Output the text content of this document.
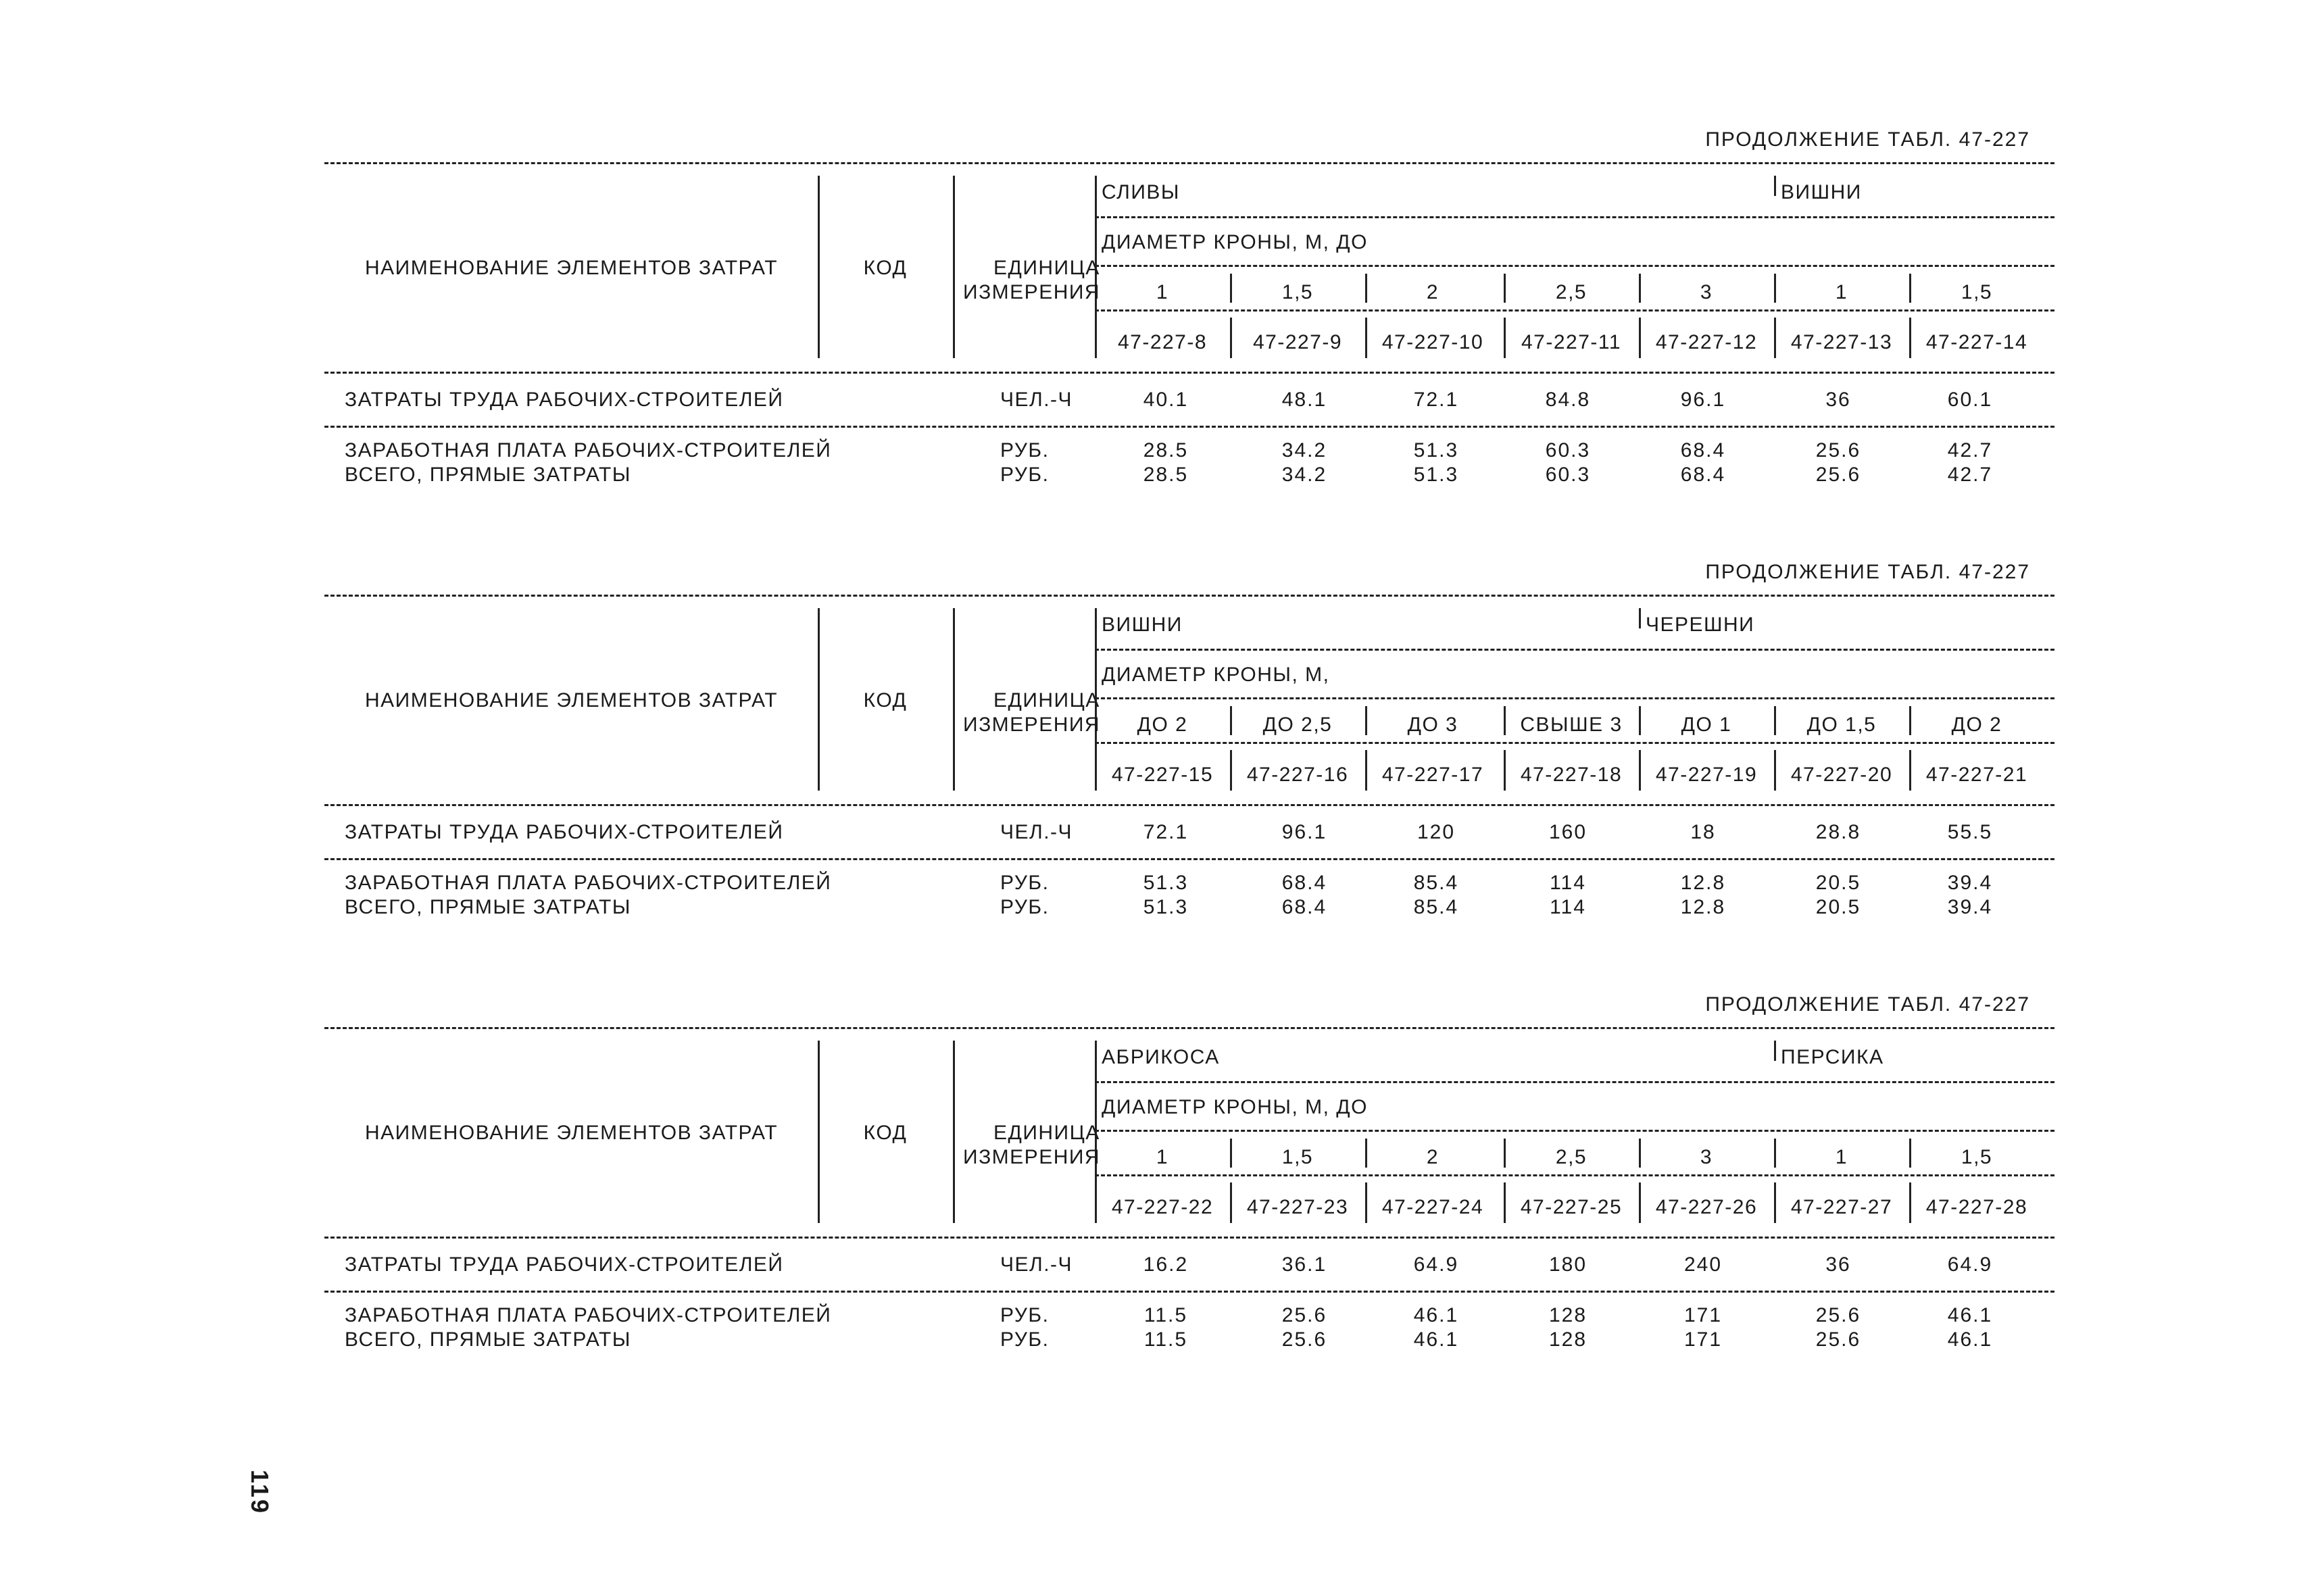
ПРОДОЛЖЕНИЕ ТАБЛ. 47-227
НАИМЕНОВАНИЕ ЭЛЕМЕНТОВ ЗАТРАТ	КОД	ЕДИНИЦА
ИЗМЕРЕНИЯ
СЛИВЫ	ВИШНИ
ДИАМЕТР КРОНЫ, М, ДО
1	1,5	2	2,5	3	1	1,5
47-227-8 47-227-9 47-227-10 47-227-11 47-227-12 47-227-13 47-227-14
ЗАТРАТЫ ТРУДА РАБОЧИХ-СТРОИТЕЛЕЙ	ЧЕЛ.-Ч	40.1	48.1	72.1	84.8	96.1	36	60.1
ЗАРАБОТНАЯ ПЛАТА РАБОЧИХ-СТРОИТЕЛЕЙ	РУБ.	28.5	34.2	51.3	60.3	68.4	25.6	42.7
ВСЕГО, ПРЯМЫЕ ЗАТРАТЫ	РУБ.	28.5	34.2	51.3	60.3	68.4	25.6	42.7
ПРОДОЛЖЕНИЕ ТАБЛ. 47-227
НАИМЕНОВАНИЕ ЭЛЕМЕНТОВ ЗАТРАТ	КОД	ЕДИНИЦА
ИЗМЕРЕНИЯ
ВИШНИ	ЧЕРЕШНИ
ДИАМЕТР КРОНЫ, М,
ДО 2	ДО 2,5	ДО 3	СВЫШЕ 3	ДО 1	ДО 1,5	ДО 2
47-227-15 47-227-16 47-227-17 47-227-18 47-227-19 47-227-20 47-227-21
ЗАТРАТЫ ТРУДА РАБОЧИХ-СТРОИТЕЛЕЙ	ЧЕЛ.-Ч	72.1	96.1	120	160	18	28.8	55.5
ЗАРАБОТНАЯ ПЛАТА РАБОЧИХ-СТРОИТЕЛЕЙ	РУБ.	51.3	68.4	85.4	114	12.8	20.5	39.4
ВСЕГО, ПРЯМЫЕ ЗАТРАТЫ	РУБ.	51.3	68.4	85.4	114	12.8	20.5	39.4
ПРОДОЛЖЕНИЕ ТАБЛ. 47-227
НАИМЕНОВАНИЕ ЭЛЕМЕНТОВ ЗАТРАТ	КОД	ЕДИНИЦА
ИЗМЕРЕНИЯ
АБРИКОСА	ПЕРСИКА
ДИАМЕТР КРОНЫ, М, ДО
1	1,5	2	2,5	3	1	1,5
47-227-22 47-227-23 47-227-24 47-227-25 47-227-26 47-227-27 47-227-28
ЗАТРАТЫ ТРУДА РАБОЧИХ-СТРОИТЕЛЕЙ	ЧЕЛ.-Ч	16.2	36.1	64.9	180	240	36	64.9
ЗАРАБОТНАЯ ПЛАТА РАБОЧИХ-СТРОИТЕЛЕЙ	РУБ.	11.5	25.6	46.1	128	171	25.6	46.1
ВСЕГО, ПРЯМЫЕ ЗАТРАТЫ	РУБ.	11.5	25.6	46.1	128	171	25.6	46.1
119
